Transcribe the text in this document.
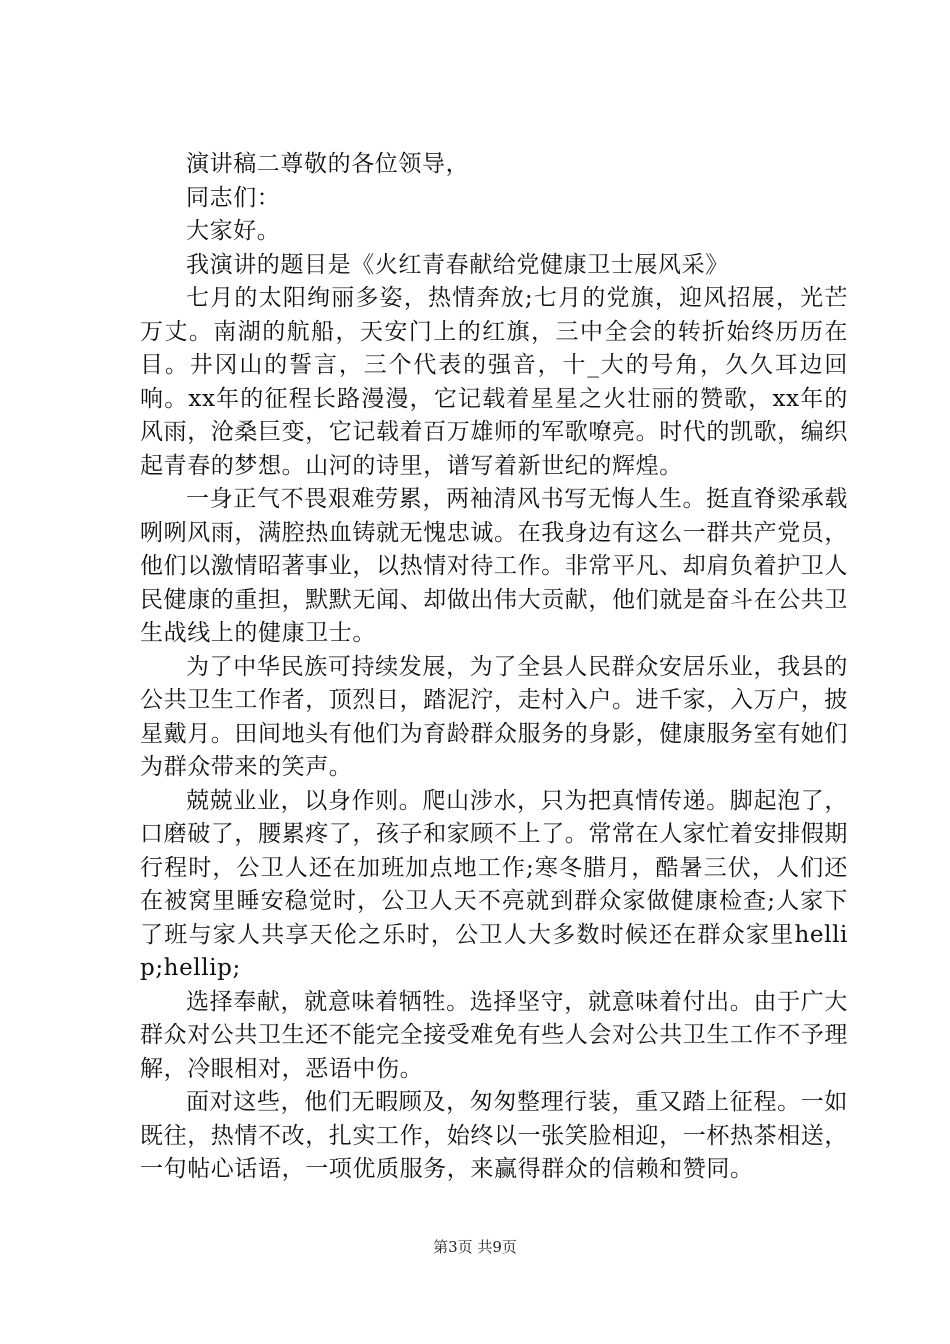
演讲稿二尊敬的各位领导，

同志们：

大家好。

我演讲的题目是《火红青春献给党健康卫士展风采》

七月的太阳绚丽多姿，热情奔放;七月的党旗，迎风招展，光芒万丈。南湖的航船，天安门上的红旗，三中全会的转折始终历历在目。井冈山的誓言，三个代表的强音，十_大的号角，久久耳边回响。xx年的征程长路漫漫，它记载着星星之火壮丽的赞歌，xx年的风雨，沧桑巨变，它记载着百万雄师的军歌嘹亮。时代的凯歌，编织起青春的梦想。山河的诗里，谱写着新世纪的辉煌。

一身正气不畏艰难劳累，两袖清风书写无悔人生。挺直脊梁承载咧咧风雨，满腔热血铸就无愧忠诚。在我身边有这么一群共产党员，他们以激情昭著事业，以热情对待工作。非常平凡、却肩负着护卫人民健康的重担，默默无闻、却做出伟大贡献，他们就是奋斗在公共卫生战线上的健康卫士。

为了中华民族可持续发展，为了全县人民群众安居乐业，我县的公共卫生工作者，顶烈日，踏泥泞，走村入户。进千家，入万户，披星戴月。田间地头有他们为育龄群众服务的身影，健康服务室有她们为群众带来的笑声。

兢兢业业，以身作则。爬山涉水，只为把真情传递。脚起泡了，口磨破了，腰累疼了，孩子和家顾不上了。常常在人家忙着安排假期行程时，公卫人还在加班加点地工作;寒冬腊月，酷暑三伏，人们还在被窝里睡安稳觉时，公卫人天不亮就到群众家做健康检查;人家下了班与家人共享天伦之乐时，公卫人大多数时候还在群众家里hellip;hellip;

选择奉献，就意味着牺牲。选择坚守，就意味着付出。由于广大群众对公共卫生还不能完全接受难免有些人会对公共卫生工作不予理解，冷眼相对，恶语中伤。

面对这些，他们无暇顾及，匆匆整理行装，重又踏上征程。一如既往，热情不改，扎实工作，始终以一张笑脸相迎，一杯热茶相送，一句帖心话语，一项优质服务，来赢得群众的信赖和赞同。

第3页 共9页
